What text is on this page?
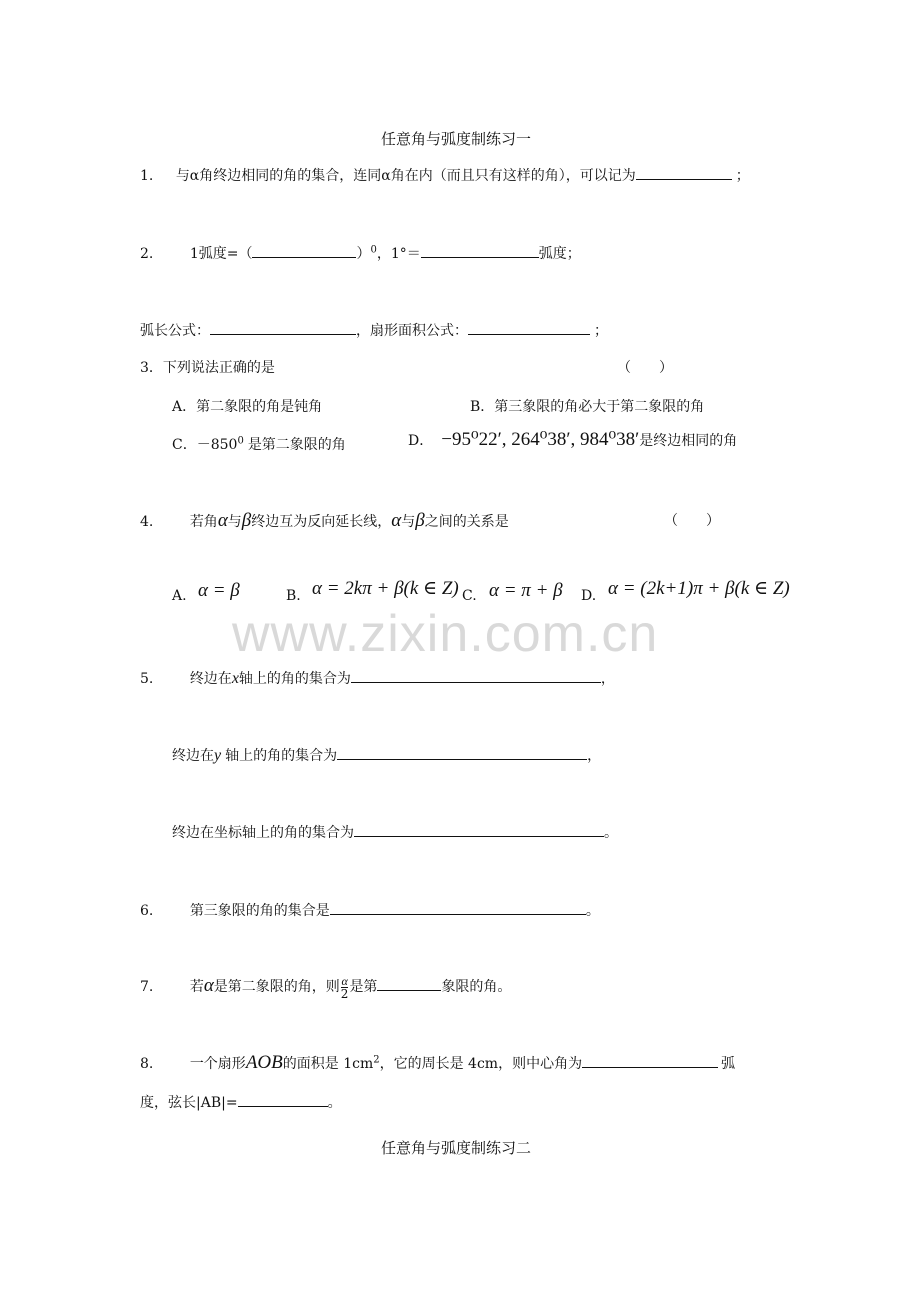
www.zixin.com.cn
任意角与弧度制练习一
1. 与α角终边相同的角的集合，连同α角在内（而且只有这样的角），可以记为	；
2.	1弧度=（	）$^0$，1°＝	弧度；
弧长公式：	，扇形面积公式：	；
3．下列说法正确的是	（　　）
A．第二象限的角是钝角	B．第三象限的角必大于第二象限的角
C．$-850^0$ 是第二象限的角	D． −95⁰22′, 264⁰38′, 984⁰38′是终边相同的角
4.	若角α与β终边互为反向延长线，α与β之间的关系是	（　　）
A. α = β	B. α = 2kπ + β(k ∈ Z) C. α = π + β D. α = (2k+1)π + β(k ∈ Z)
5.	终边在x轴上的角的集合为	，
终边在y 轴上的角的集合为	，
终边在坐标轴上的角的集合为	。
6.	第三象限的角的集合是	。
7.	若α是第二象限的角，则 $\frac{\alpha}{2}$ 是第	象限的角。
8.	一个扇形AOB的面积是 $1cm^2$，它的周长是 4cm，则中心角为	弧
度，弦长|AB|=	。
任意角与弧度制练习二
